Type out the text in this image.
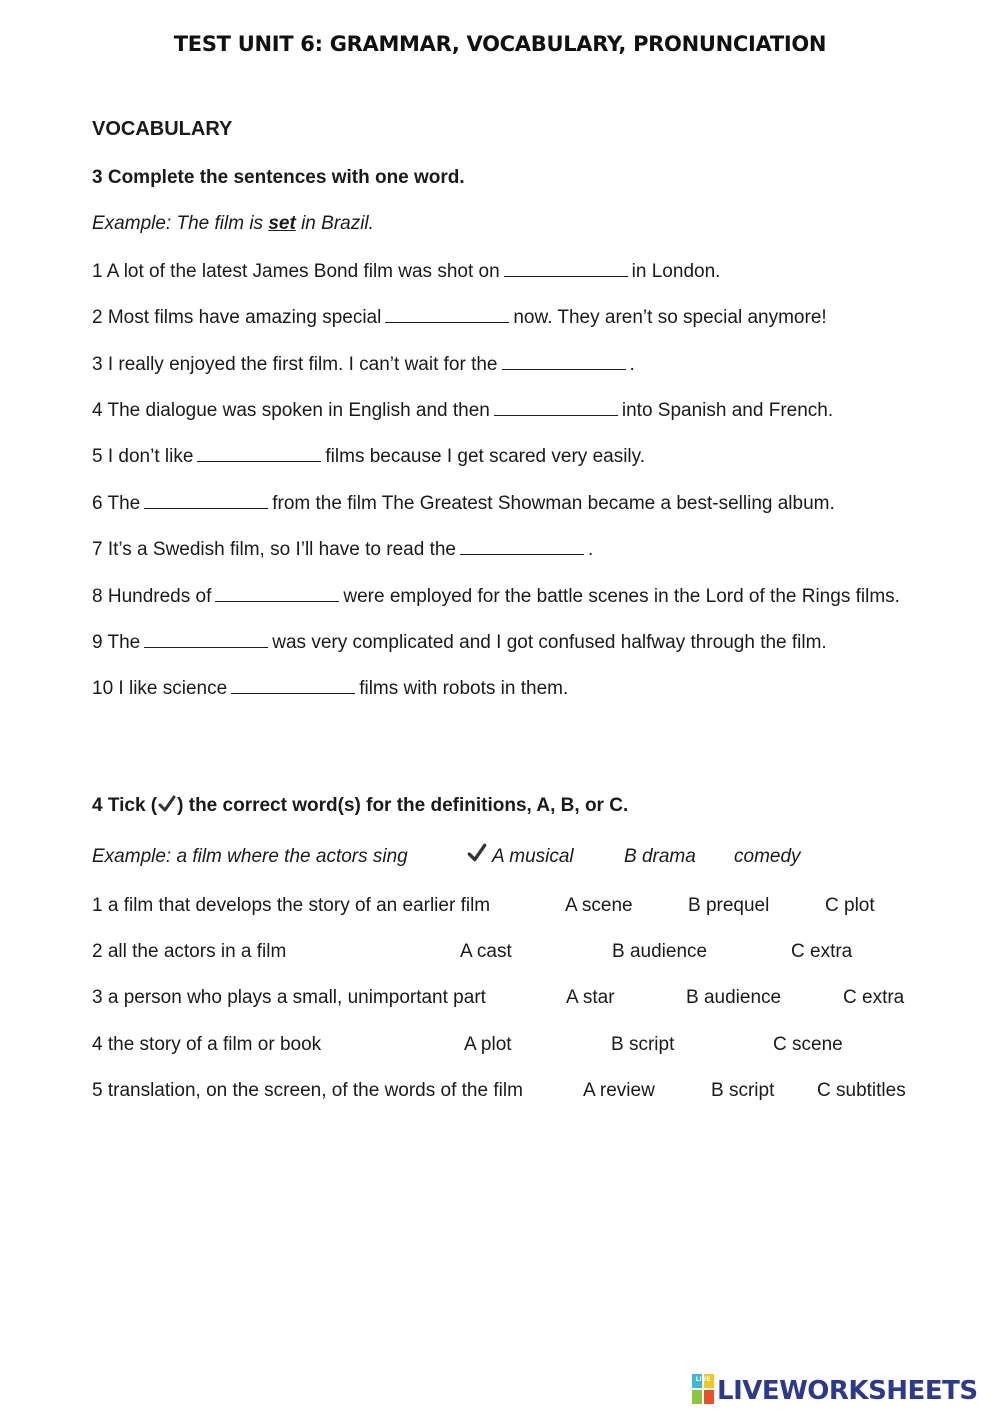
TEST UNIT 6: GRAMMAR, VOCABULARY, PRONUNCIATION
VOCABULARY
3 Complete the sentences with one word.
Example: The film is set in Brazil.
1 A lot of the latest James Bond film was shot on	in London.
2 Most films have amazing special	now. They aren’t so special anymore!
3 I really enjoyed the first film. I can’t wait for the	.
4 The dialogue was spoken in English and then	into Spanish and French.
5 I don’t like	films because I get scared very easily.
6 The	from the film The Greatest Showman became a best-selling album.
7 It’s a Swedish film, so I’ll have to read the	.
8 Hundreds of	were employed for the battle scenes in the Lord of the Rings films.
9 The	was very complicated and I got confused halfway through the film.
10 I like science	films with robots in them.
4 Tick ( ) the correct word(s) for the definitions, A, B, or C.
Example: a film where the actors sing	A musical	B drama comedy
1 a film that develops the story of an earlier film	A scene	B prequel	C plot
2 all the actors in a film	A cast	B audience	C extra
3 a person who plays a small, unimportant part	A star	B audience	C extra
4 the story of a film or book	A plot	B script	C scene
5 translation, on the screen, of the words of the film	A review	B script C subtitles
LIVE LIVEWORKSHEETS
